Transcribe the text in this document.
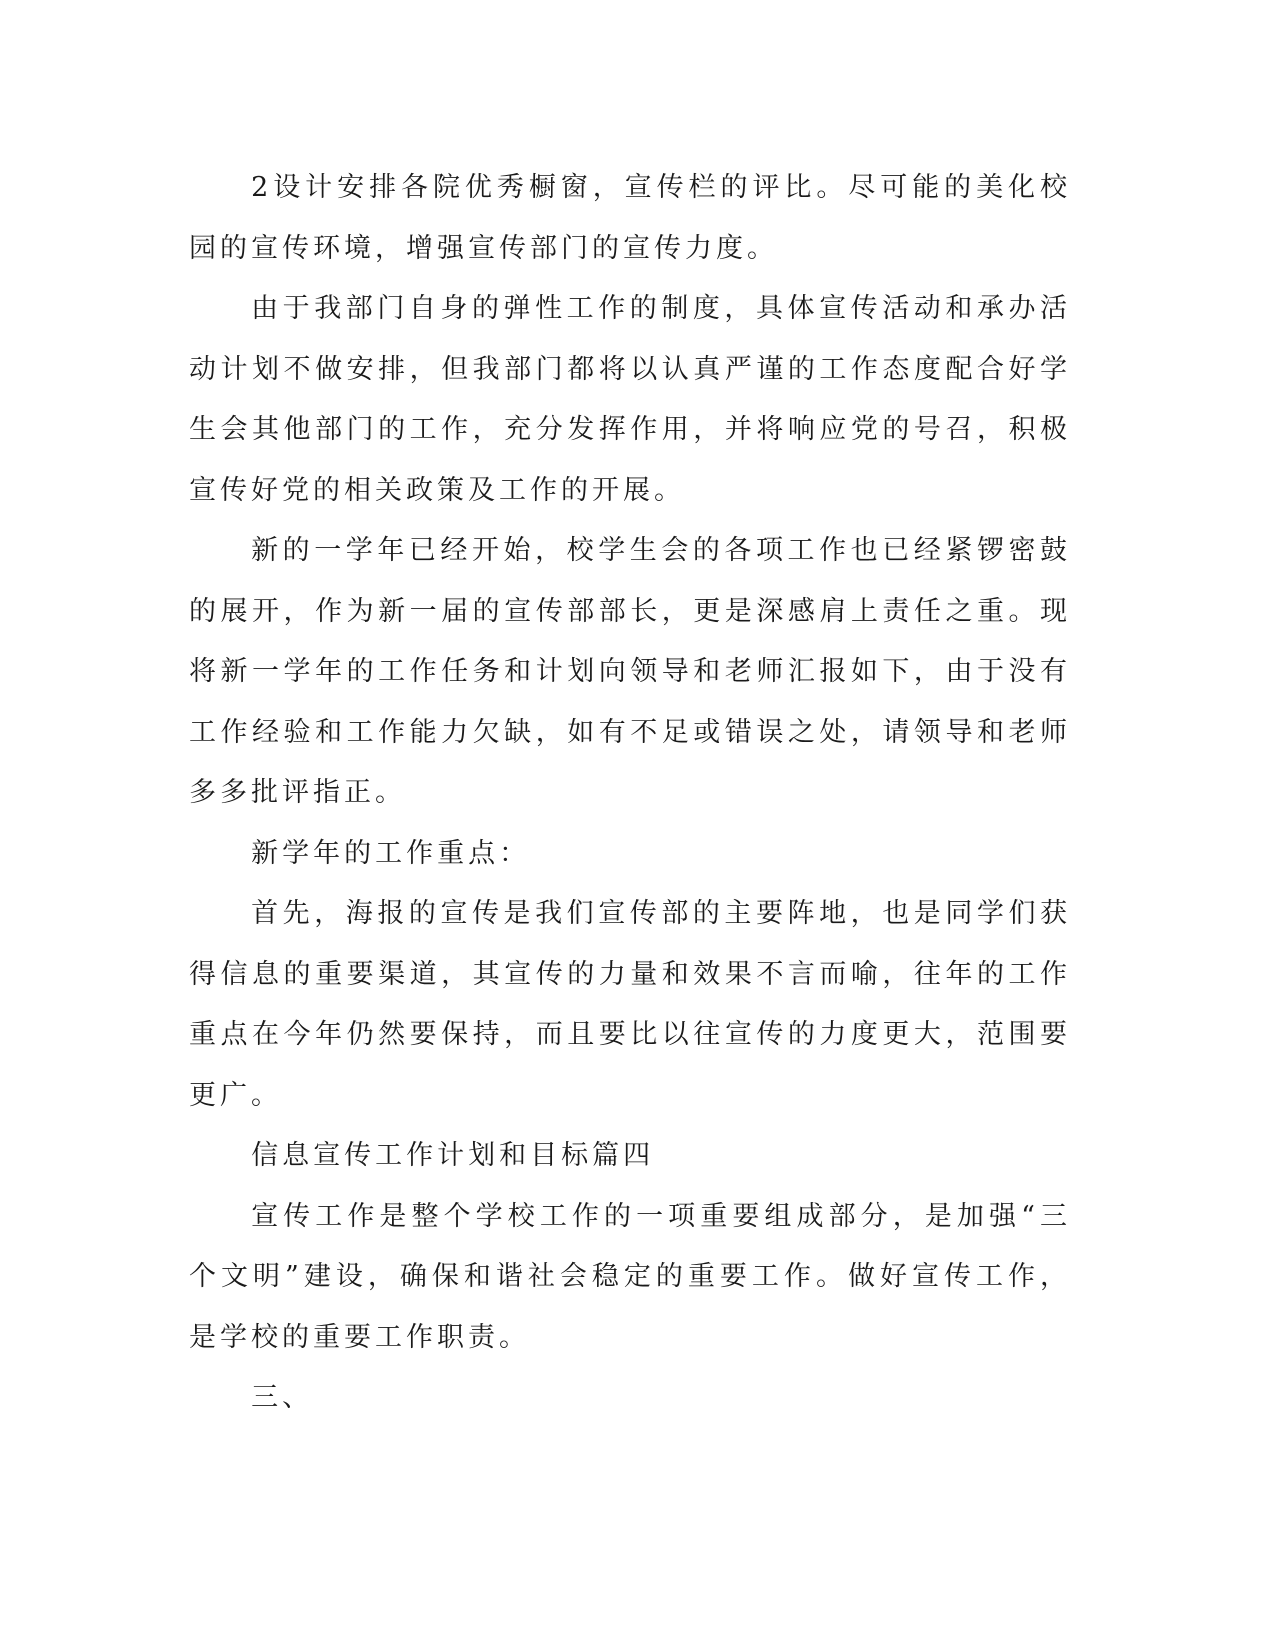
2设计安排各院优秀橱窗，宣传栏的评比。尽可能的美化校园的宣传环境，增强宣传部门的宣传力度。

由于我部门自身的弹性工作的制度，具体宣传活动和承办活动计划不做安排，但我部门都将以认真严谨的工作态度配合好学生会其他部门的工作，充分发挥作用，并将响应党的号召，积极宣传好党的相关政策及工作的开展。

新的一学年已经开始，校学生会的各项工作也已经紧锣密鼓的展开，作为新一届的宣传部部长，更是深感肩上责任之重。现将新一学年的工作任务和计划向领导和老师汇报如下，由于没有工作经验和工作能力欠缺，如有不足或错误之处，请领导和老师多多批评指正。

新学年的工作重点：

首先，海报的宣传是我们宣传部的主要阵地，也是同学们获得信息的重要渠道，其宣传的力量和效果不言而喻，往年的工作重点在今年仍然要保持，而且要比以往宣传的力度更大，范围要更广。

信息宣传工作计划和目标篇四

宣传工作是整个学校工作的一项重要组成部分，是加强“三个文明”建设，确保和谐社会稳定的重要工作。做好宣传工作，是学校的重要工作职责。

三、
